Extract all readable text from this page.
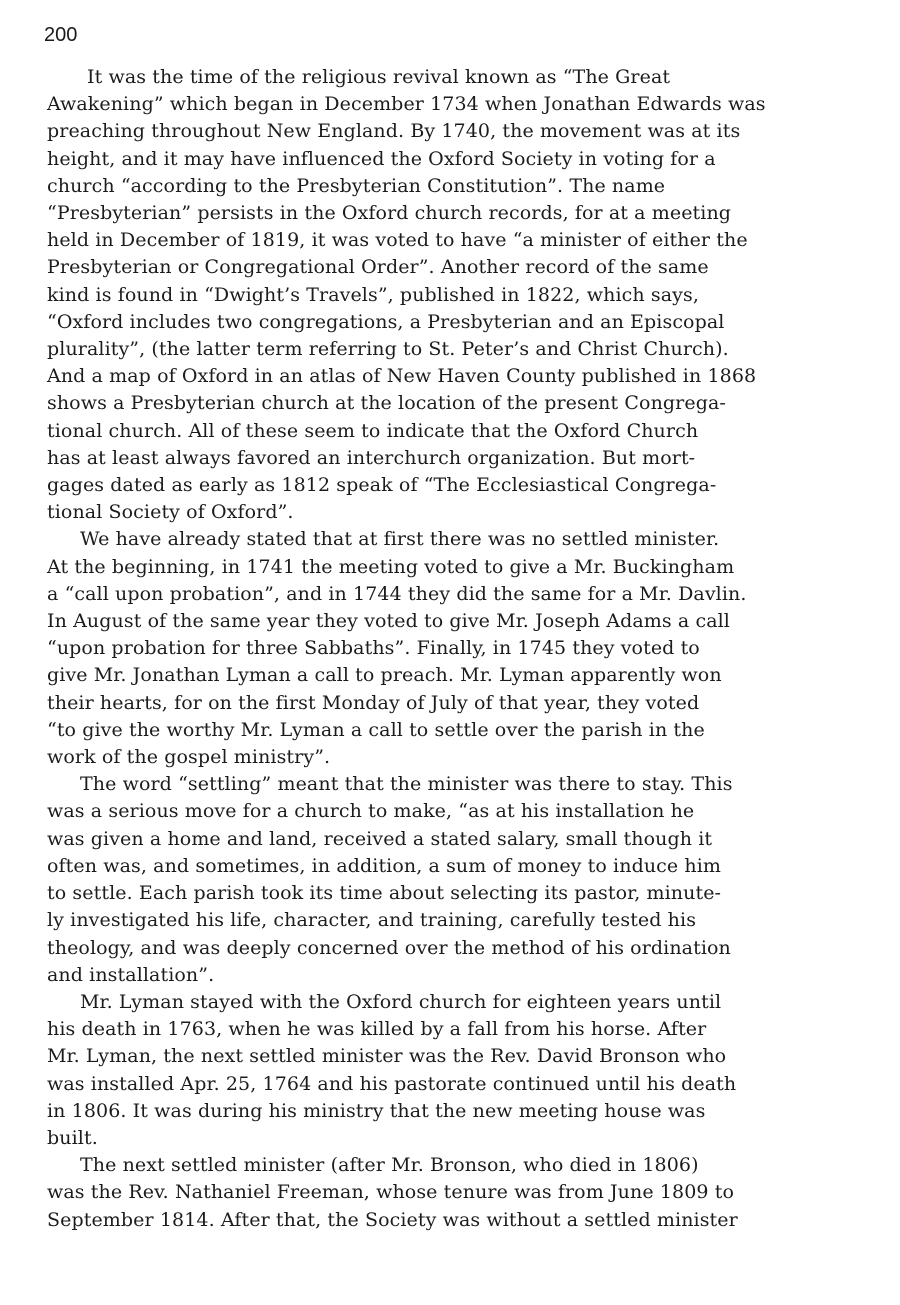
200

It was the time of the religious revival known as “The Great
Awakening” which began in December 1734 when Jonathan Edwards was
preaching throughout New England. By 1740, the movement was at its
height, and it may have influenced the Oxford Society in voting for a
church “according to the Presbyterian Constitution”. The name
“Presbyterian” persists in the Oxford church records, for at a meeting
held in December of 1819, it was voted to have “a minister of either the
Presbyterian or Congregational Order”. Another record of the same
kind is found in “Dwight’s Travels”, published in 1822, which says,
“Oxford includes two congregations, a Presbyterian and an Episcopal
plurality”, (the latter term referring to St. Peter’s and Christ Church).
And a map of Oxford in an atlas of New Haven County published in 1868
shows a Presbyterian church at the location of the present Congrega-
tional church. All of these seem to indicate that the Oxford Church
has at least always favored an interchurch organization. But mort-
gages dated as early as 1812 speak of “The Ecclesiastical Congrega-
tional Society of Oxford”.

We have already stated that at first there was no settled minister.
At the beginning, in 1741 the meeting voted to give a Mr. Buckingham
a “call upon probation”, and in 1744 they did the same for a Mr. Davlin.
In August of the same year they voted to give Mr. Joseph Adams a call
“upon probation for three Sabbaths”. Finally, in 1745 they voted to
give Mr. Jonathan Lyman a call to preach. Mr. Lyman apparently won
their hearts, for on the first Monday of July of that year, they voted
“to give the worthy Mr. Lyman a call to settle over the parish in the
work of the gospel ministry”.

The word “settling” meant that the minister was there to stay. This
was a serious move for a church to make, “as at his installation he
was given a home and land, received a stated salary, small though it
often was, and sometimes, in addition, a sum of money to induce him
to settle. Each parish took its time about selecting its pastor, minute-
ly investigated his life, character, and training, carefully tested his
theology, and was deeply concerned over the method of his ordination
and installation”.

Mr. Lyman stayed with the Oxford church for eighteen years until
his death in 1763, when he was killed by a fall from his horse. After
Mr. Lyman, the next settled minister was the Rev. David Bronson who
was installed Apr. 25, 1764 and his pastorate continued until his death
in 1806. It was during his ministry that the new meeting house was
built.

The next settled minister (after Mr. Bronson, who died in 1806)
was the Rev. Nathaniel Freeman, whose tenure was from June 1809 to
September 1814. After that, the Society was without a settled minister
